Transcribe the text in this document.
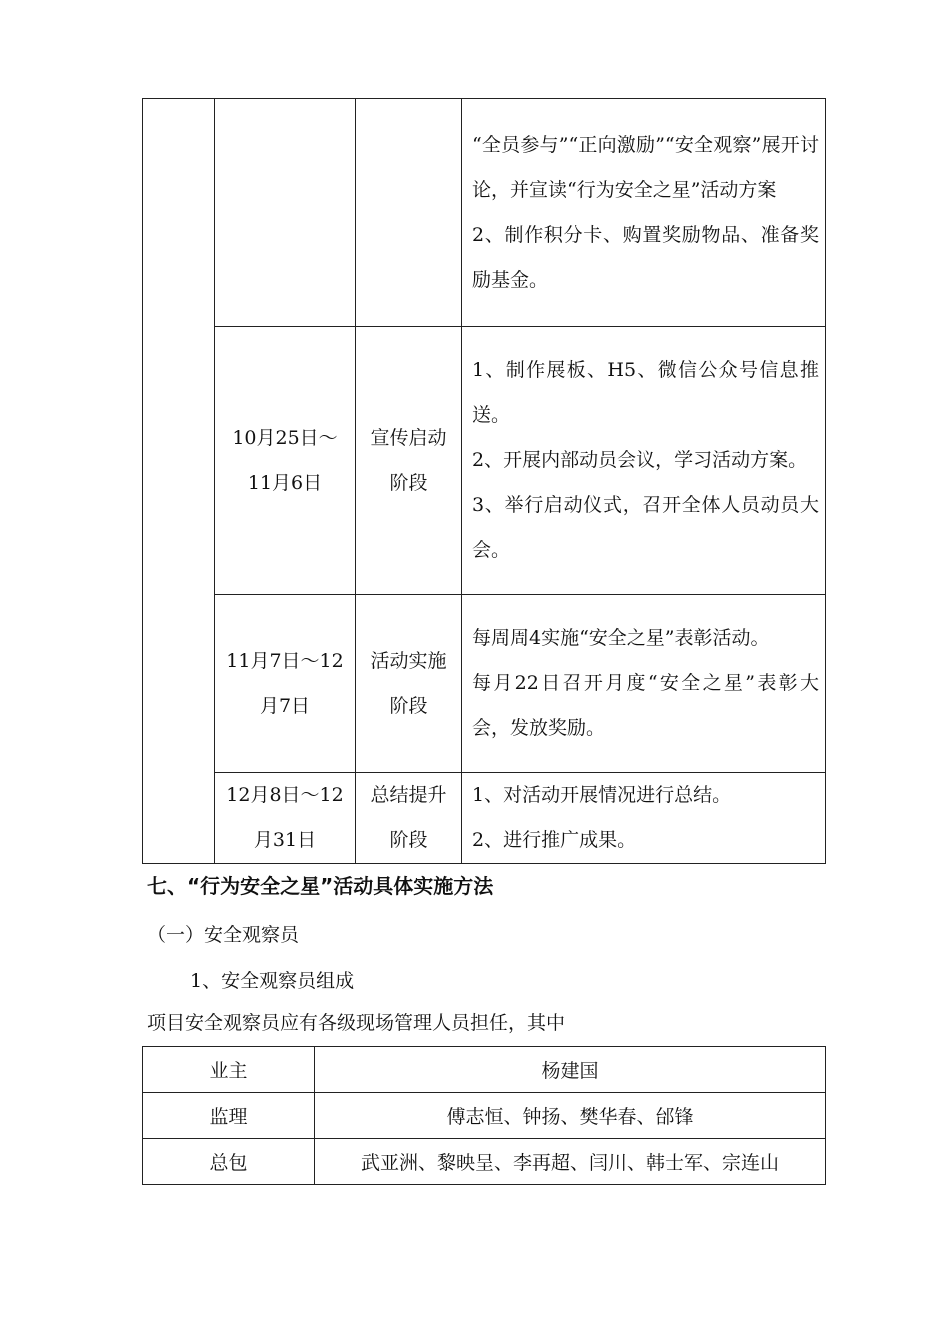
			“全员参与”“正向激励”“安全观察”展开讨论，并宣读“行为安全之星”活动方案
2、制作积分卡、购置奖励物品、准备奖励基金。

	10月25日～11月6日	宣传启动阶段	1、制作展板、H5、微信公众号信息推送。
2、开展内部动员会议，学习活动方案。
3、举行启动仪式，召开全体人员动员大会。

	11月7日～12月7日	活动实施阶段	每周周4实施“安全之星”表彰活动。
每月22日召开月度“安全之星”表彰大会，发放奖励。

	12月8日～12月31日	总结提升阶段	1、对活动开展情况进行总结。
2、进行推广成果。
七、“行为安全之星”活动具体实施方法
（一）安全观察员
1、安全观察员组成
项目安全观察员应有各级现场管理人员担任，其中
业主	杨建国
监理	傅志恒、钟扬、樊华春、邰锋
总包	武亚洲、黎映呈、李再超、闫川、韩士军、宗连山
